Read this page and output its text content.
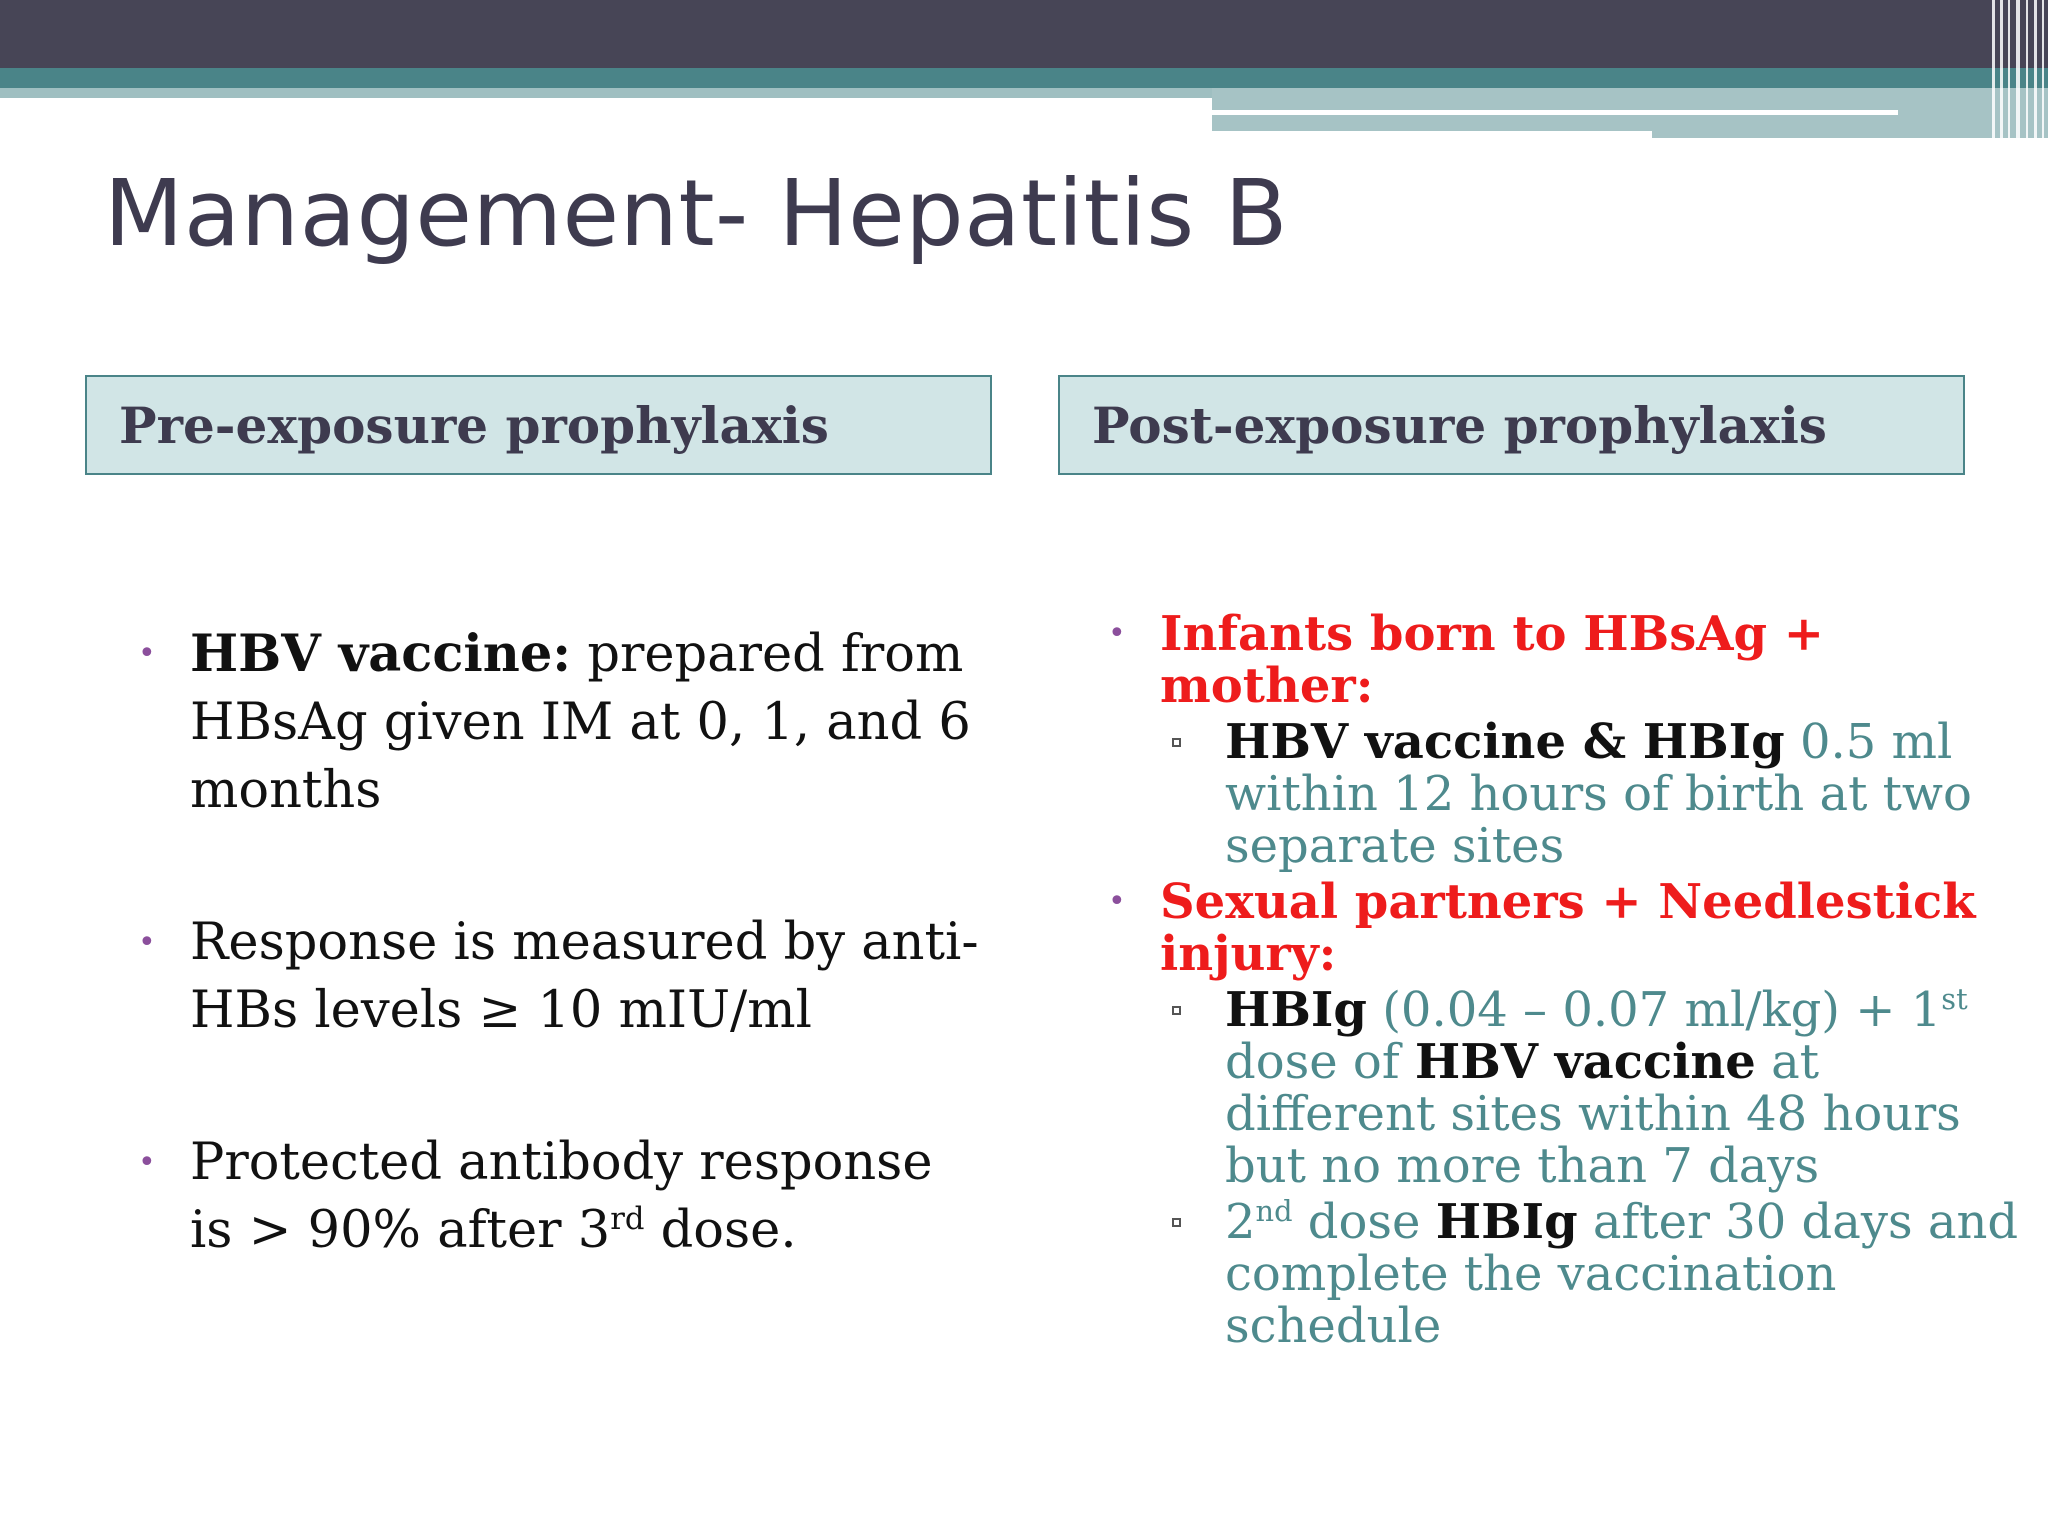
Management- Hepatitis B
Pre-exposure prophylaxis	Post-exposure prophylaxis
• HBV vaccine: prepared from HBsAg given IM at 0, 1, and 6 months
• Response is measured by anti-HBs levels ≥ 10 mIU/ml
• Protected antibody response is > 90% after 3rd dose.
• Infants born to HBsAg + mother:
HBV vaccine & HBIg 0.5 ml within 12 hours of birth at two separate sites
• Sexual partners + Needlestick injury:
HBIg (0.04 – 0.07 ml/kg) + 1st dose of HBV vaccine at different sites within 48 hours but no more than 7 days
2nd dose HBIg after 30 days and complete the vaccination schedule
